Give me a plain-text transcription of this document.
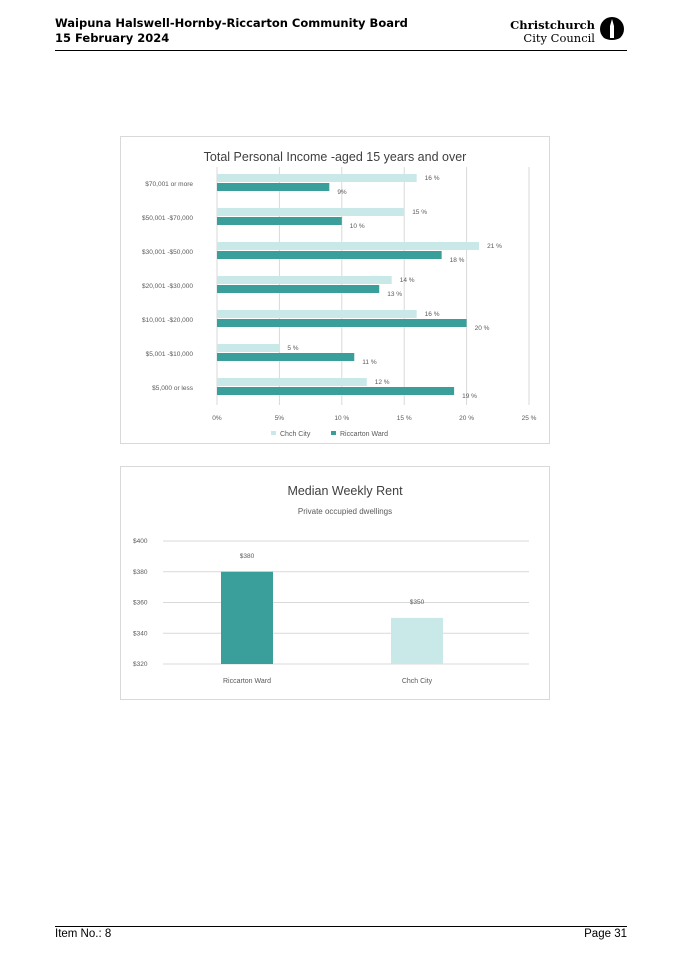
Waipuna Halswell-Hornby-Riccarton Community Board
15 February 2024
Christchurch
City Council
Total Personal Income -aged 15 years and over
0%	5%	10 %	15 %	20 %	25 %
$70,001 or more
16 %
9%
$50,001 -$70,000
15 %
10 %
$30,001 -$50,000
21 %
18 %
$20,001 -$30,000
14 %
13 %
$10,001 -$20,000
16 %
20 %
$5,001 -$10,000
5 %
11 %
$5,000 or less
12 %
19 %
Chch City	Riccarton Ward
Median Weekly Rent
Private occupied dwellings
$320
$340
$360
$380
$400
$380
Riccarton Ward
$350
Chch City
Item No.: 8	Page 31
